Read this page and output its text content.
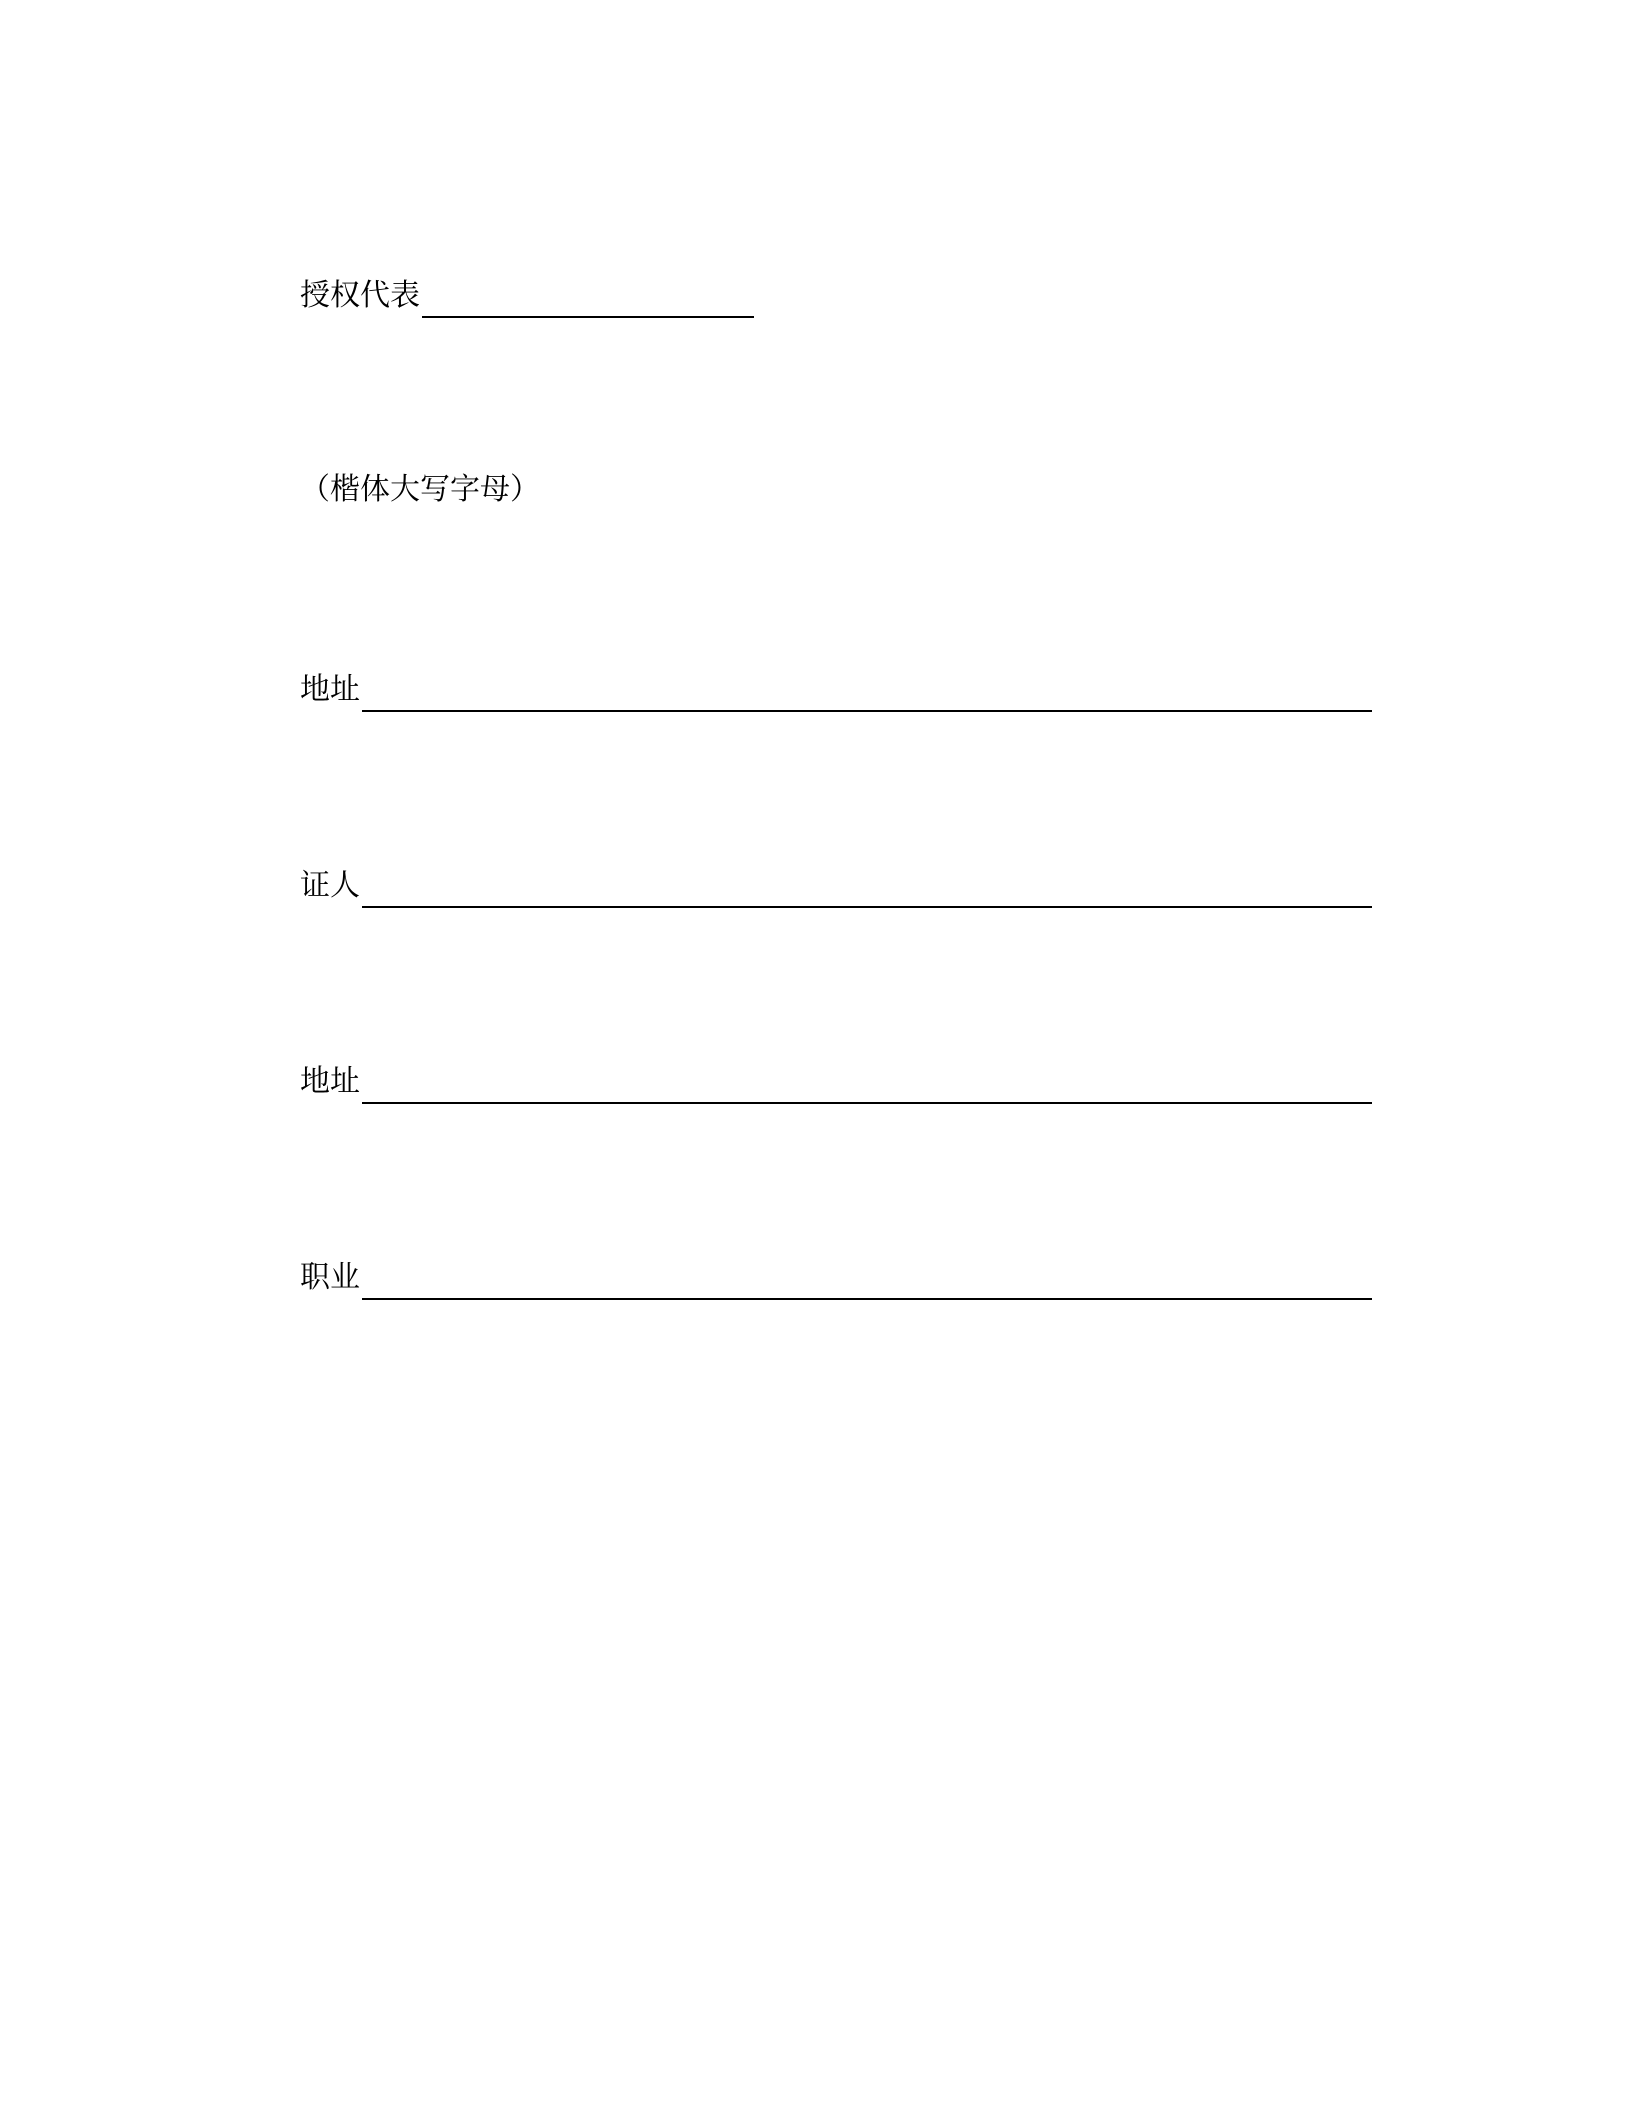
授权代表
（楷体大写字母）
地址
证人
地址
职业
